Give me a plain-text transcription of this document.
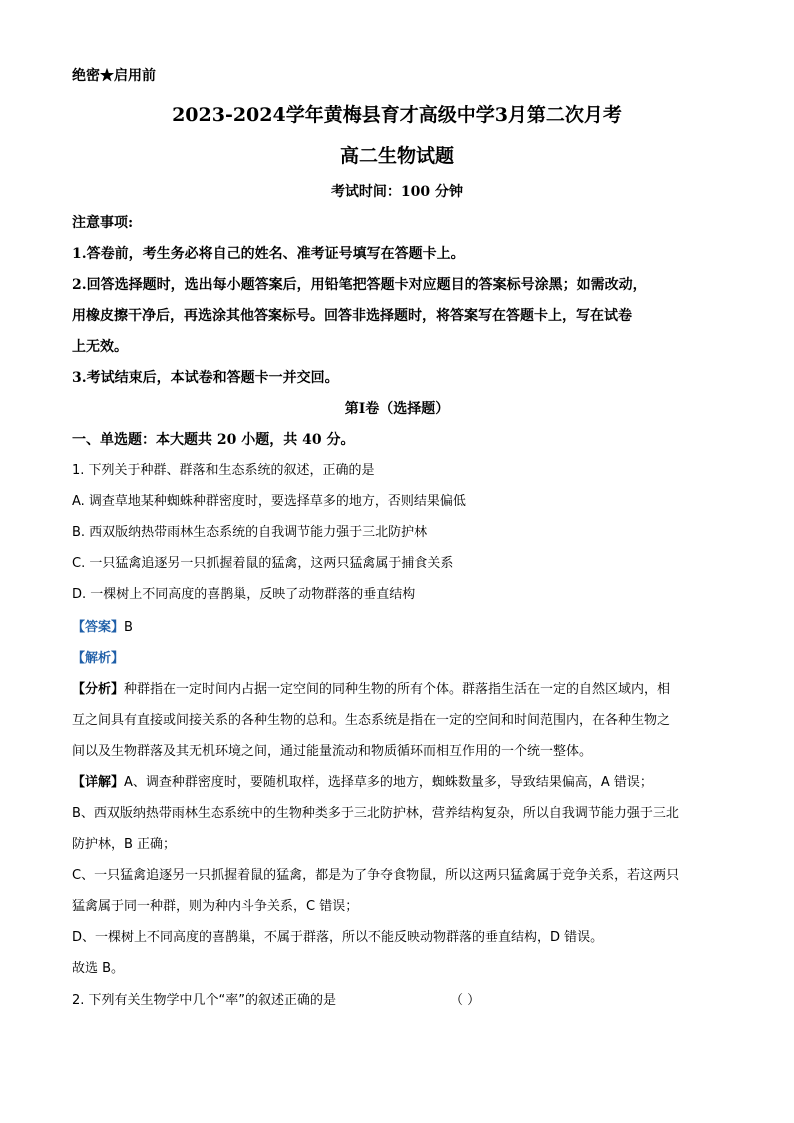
绝密★启用前
2023-2024学年黄梅县育才高级中学3月第二次月考
高二生物试题
考试时间：100 分钟
注意事项:
1.答卷前，考生务必将自己的姓名、准考证号填写在答题卡上。
2.回答选择题时，选出每小题答案后，用铅笔把答题卡对应题目的答案标号涂黑；如需改动，
用橡皮擦干净后，再选涂其他答案标号。回答非选择题时，将答案写在答题卡上，写在试卷
上无效。
3.考试结束后，本试卷和答题卡一并交回。
第Ⅰ卷（选择题）
一、单选题：本大题共 20 小题，共 40 分。
1. 下列关于种群、群落和生态系统的叙述，正确的是
A. 调查草地某种蜘蛛种群密度时，要选择草多的地方，否则结果偏低
B. 西双版纳热带雨林生态系统的自我调节能力强于三北防护林
C. 一只猛禽追逐另一只抓握着鼠的猛禽，这两只猛禽属于捕食关系
D. 一棵树上不同高度的喜鹊巢，反映了动物群落的垂直结构
【答案】B
【解析】
【分析】种群指在一定时间内占据一定空间的同种生物的所有个体。群落指生活在一定的自然区域内，相
互之间具有直接或间接关系的各种生物的总和。生态系统是指在一定的空间和时间范围内，在各种生物之
间以及生物群落及其无机环境之间，通过能量流动和物质循环而相互作用的一个统一整体。
【详解】A、调查种群密度时，要随机取样，选择草多的地方，蜘蛛数量多，导致结果偏高，A 错误；
B、西双版纳热带雨林生态系统中的生物种类多于三北防护林，营养结构复杂，所以自我调节能力强于三北
防护林，B 正确；
C、一只猛禽追逐另一只抓握着鼠的猛禽，都是为了争夺食物鼠，所以这两只猛禽属于竞争关系，若这两只
猛禽属于同一种群，则为种内斗争关系，C 错误；
D、一棵树上不同高度的喜鹊巢，不属于群落，所以不能反映动物群落的垂直结构，D 错误。
故选 B。
2. 下列有关生物学中几个“率”的叙述正确的是	（ ）
